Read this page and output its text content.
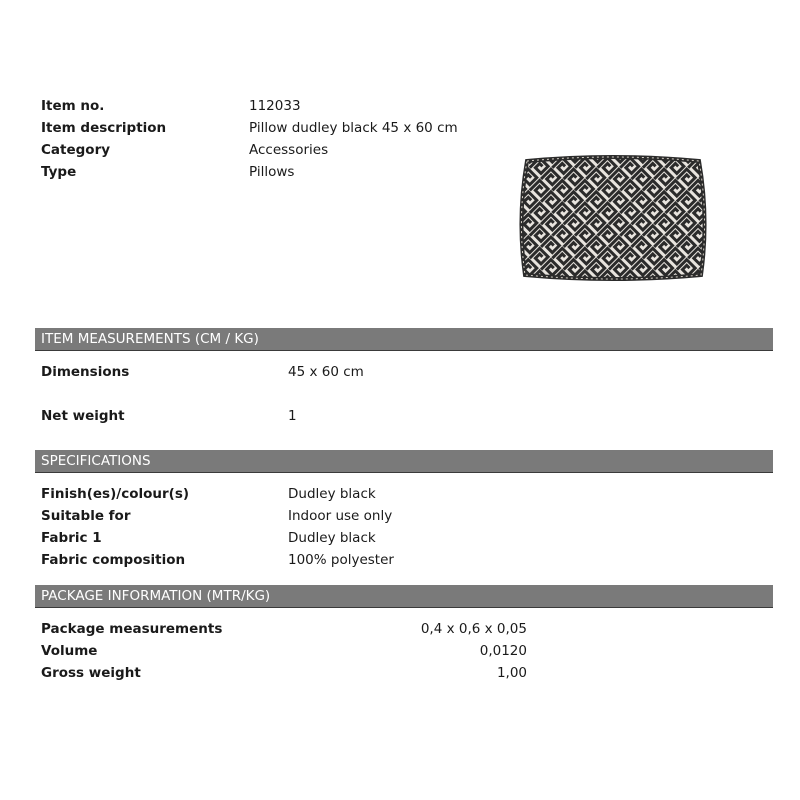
Item no.	112033
Item description	Pillow dudley black 45 x 60 cm
Category	Accessories
Type	Pillows
ITEM MEASUREMENTS (CM / KG)
Dimensions	45 x 60 cm
Net weight	1
SPECIFICATIONS
Finish(es)/colour(s)	Dudley black
Suitable for	Indoor use only
Fabric 1	Dudley black
Fabric composition	100% polyester
PACKAGE INFORMATION (MTR/KG)
Package measurements	0,4 x 0,6 x 0,05
Volume	0,0120
Gross weight	1,00
